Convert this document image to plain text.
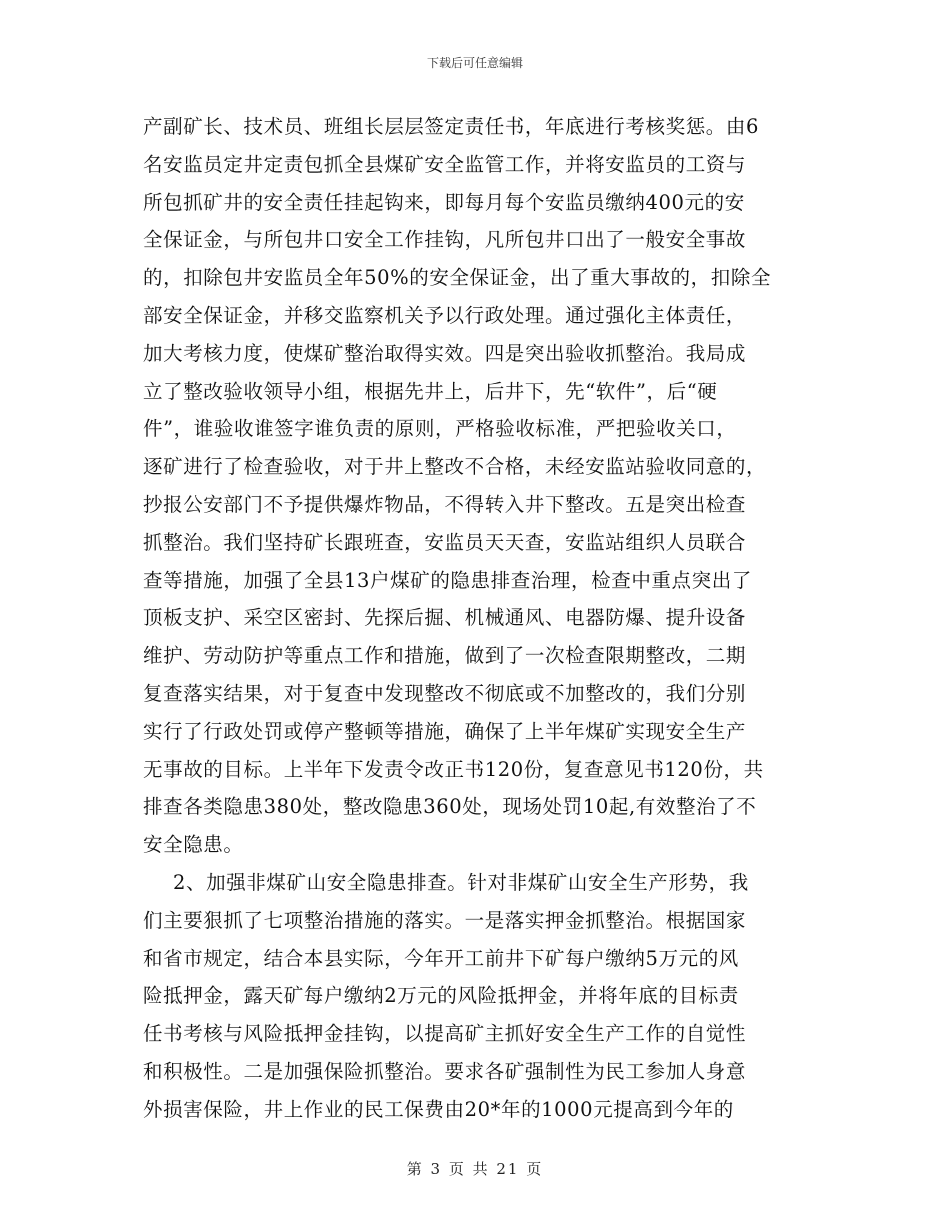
下载后可任意编辑
产副矿长、技术员、班组长层层签定责任书，年底进行考核奖惩。由6
名安监员定井定责包抓全县煤矿安全监管工作，并将安监员的工资与
所包抓矿井的安全责任挂起钩来，即每月每个安监员缴纳400元的安
全保证金，与所包井口安全工作挂钩，凡所包井口出了一般安全事故
的，扣除包井安监员全年50%的安全保证金，出了重大事故的，扣除全
部安全保证金，并移交监察机关予以行政处理。通过强化主体责任，
加大考核力度，使煤矿整治取得实效。四是突出验收抓整治。我局成
立了整改验收领导小组，根据先井上，后井下，先“软件”，后“硬
件”，谁验收谁签字谁负责的原则，严格验收标准，严把验收关口，
逐矿进行了检查验收，对于井上整改不合格，未经安监站验收同意的，
抄报公安部门不予提供爆炸物品，不得转入井下整改。五是突出检查
抓整治。我们坚持矿长跟班查，安监员天天查，安监站组织人员联合
查等措施，加强了全县13户煤矿的隐患排查治理，检查中重点突出了
顶板支护、采空区密封、先探后掘、机械通风、电器防爆、提升设备
维护、劳动防护等重点工作和措施，做到了一次检查限期整改，二期
复查落实结果，对于复查中发现整改不彻底或不加整改的，我们分别
实行了行政处罚或停产整顿等措施，确保了上半年煤矿实现安全生产
无事故的目标。上半年下发责令改正书120份，复查意见书120份，共
排查各类隐患380处，整改隐患360处，现场处罚10起,有效整治了不
安全隐患。
2、加强非煤矿山安全隐患排查。针对非煤矿山安全生产形势，我
们主要狠抓了七项整治措施的落实。一是落实押金抓整治。根据国家
和省市规定，结合本县实际，今年开工前井下矿每户缴纳5万元的风
险抵押金，露天矿每户缴纳2万元的风险抵押金，并将年底的目标责
任书考核与风险抵押金挂钩，以提高矿主抓好安全生产工作的自觉性
和积极性。二是加强保险抓整治。要求各矿强制性为民工参加人身意
外损害保险，井上作业的民工保费由20*年的1000元提高到今年的
第 3 页 共 21 页
